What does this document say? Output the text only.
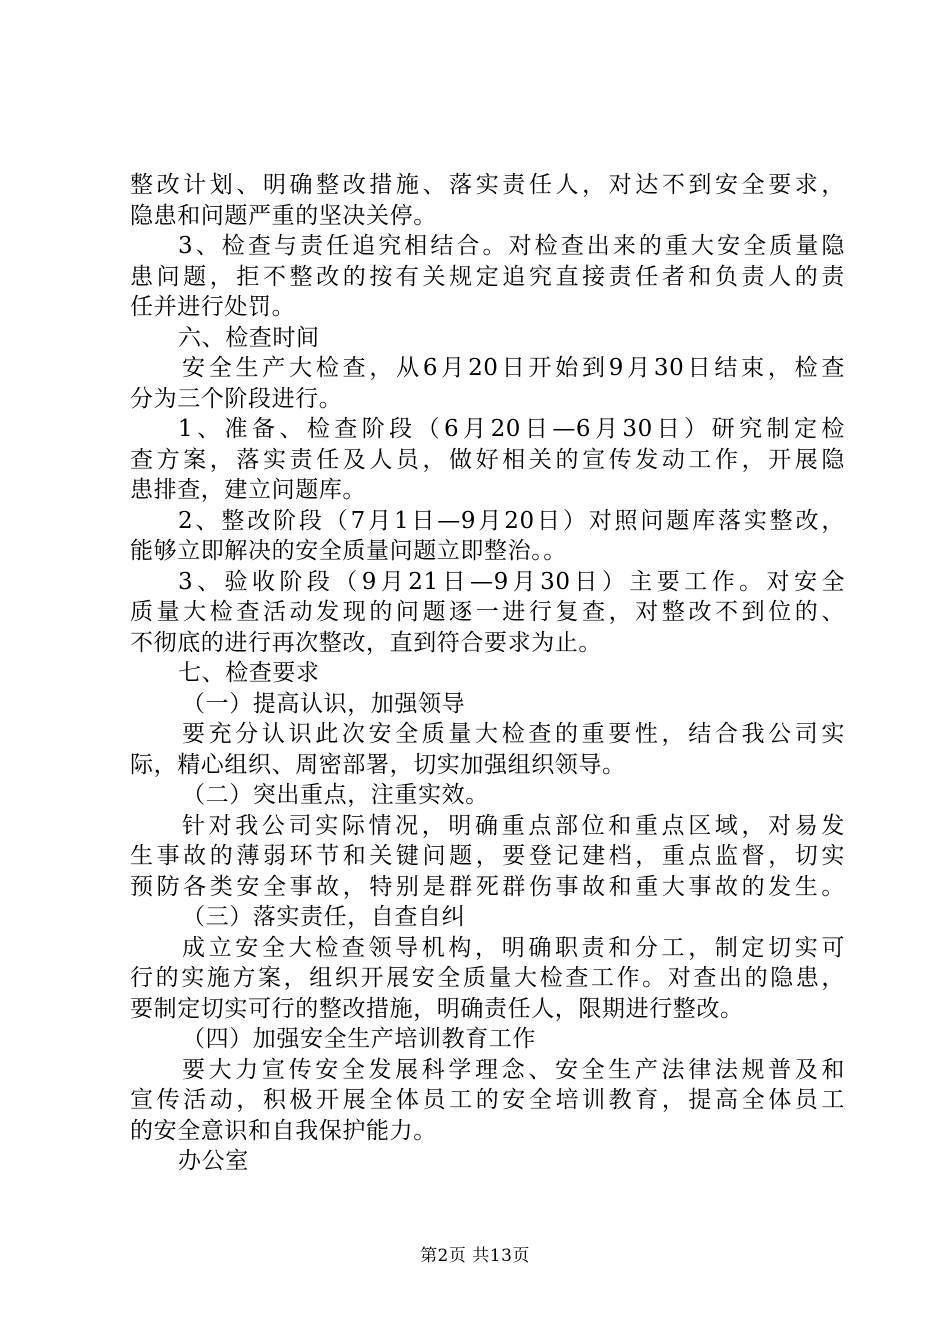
整改计划、明确整改措施、落实责任人，对达不到安全要求，
隐患和问题严重的坚决关停。
3、检查与责任追究相结合。对检查出来的重大安全质量隐
患问题，拒不整改的按有关规定追究直接责任者和负责人的责
任并进行处罚。
六、检查时间
安全生产大检查，从6月20日开始到9月30日结束，检查
分为三个阶段进行。
1、准备、检查阶段（6月20日—6月30日）研究制定检
查方案，落实责任及人员，做好相关的宣传发动工作，开展隐
患排查，建立问题库。
2、整改阶段（7月1日—9月20日）对照问题库落实整改，
能够立即解决的安全质量问题立即整治。。
3、验收阶段（9月21日—9月30日）主要工作。对安全
质量大检查活动发现的问题逐一进行复查，对整改不到位的、
不彻底的进行再次整改，直到符合要求为止。
七、检查要求
（一）提高认识，加强领导
要充分认识此次安全质量大检查的重要性，结合我公司实
际，精心组织、周密部署，切实加强组织领导。
（二）突出重点，注重实效。
针对我公司实际情况，明确重点部位和重点区域，对易发
生事故的薄弱环节和关键问题，要登记建档，重点监督，切实
预防各类安全事故，特别是群死群伤事故和重大事故的发生。
（三）落实责任，自查自纠
成立安全大检查领导机构，明确职责和分工，制定切实可
行的实施方案，组织开展安全质量大检查工作。对查出的隐患，
要制定切实可行的整改措施，明确责任人，限期进行整改。
（四）加强安全生产培训教育工作
要大力宣传安全发展科学理念、安全生产法律法规普及和
宣传活动，积极开展全体员工的安全培训教育，提高全体员工
的安全意识和自我保护能力。
办公室
第2页 共13页
